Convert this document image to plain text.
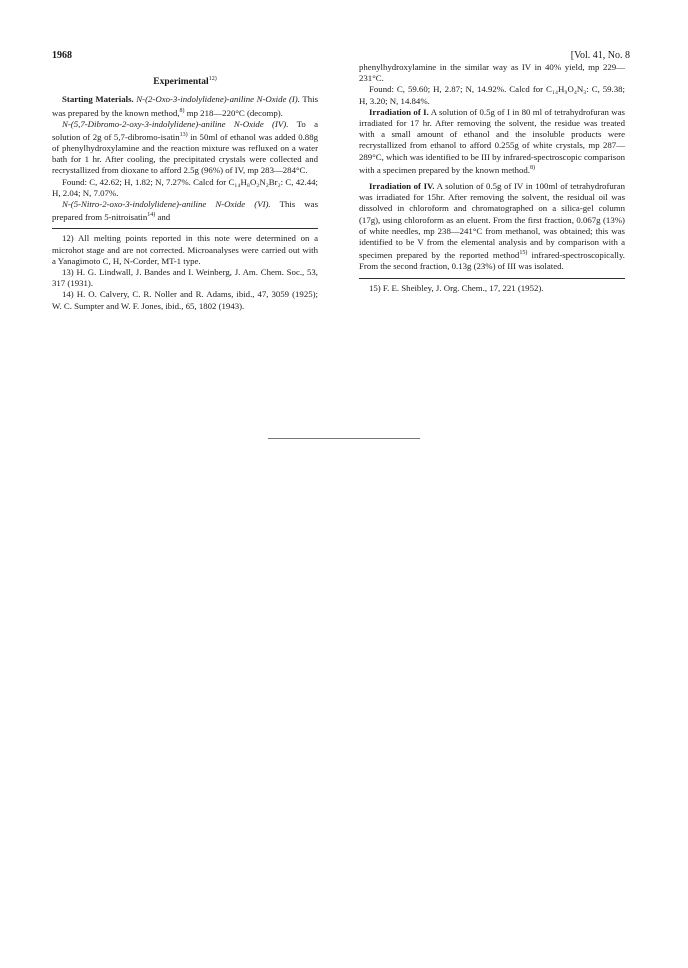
1968	[Vol. 41, No. 8
Experimental$^{12)}$

Starting Materials. N-(2-Oxo-3-indolylidene)-aniline N-Oxide (I). This was prepared by the known method,$^{8)}$ mp 218—220°C (decomp).

N-(5,7-Dibromo-2-oxy-3-indolylidene)-aniline N-Oxide (IV). To a solution of 2g of 5,7-dibromo-isatin$^{13)}$ in 50ml of ethanol was added 0.88g of phenylhydroxylamine and the reaction mixture was refluxed on a water bath for 1 hr. After cooling, the precipitated crystals were collected and recrystallized from dioxane to afford 2.5g (96%) of IV, mp 283—284°C.

Found: C, 42.62; H, 1.82; N, 7.27%. Calcd for C₁₄H₈O₂N₂Br₂: C, 42.44; H, 2.04; N, 7.07%.

N-(5-Nitro-2-oxo-3-indolylidene)-aniline N-Oxide (VI). This was prepared from 5-nitroisatin$^{14)}$ and

12) All melting points reported in this note were determined on a microhot stage and are not corrected. Microanalyses were carried out with a Yanagimoto C, H, N-Corder, MT-1 type.

13) H. G. Lindwall, J. Bandes and I. Weinberg, J. Am. Chem. Soc., 53, 317 (1931).

14) H. O. Calvery, C. R. Noller and R. Adams, ibid., 47, 3059 (1925); W. C. Sumpter and W. F. Jones, ibid., 65, 1802 (1943).

phenylhydroxylamine in the similar way as IV in 40% yield, mp 229—231°C.

Found: C, 59.60; H, 2.87; N, 14.92%. Calcd for C₁₄H₉O₄N₃: C, 59.38; H, 3.20; N, 14.84%.

Irradiation of I. A solution of 0.5g of I in 80 ml of tetrahydrofuran was irradiated for 17 hr. After removing the solvent, the residue was treated with a small amount of ethanol and the insoluble products were recrystallized from ethanol to afford 0.255g of white crystals, mp 287—289°C, which was identified to be III by infrared-spectroscopic comparison with a specimen prepared by the known method.$^{8)}$

Irradiation of IV. A solution of 0.5g of IV in 100ml of tetrahydrofuran was irradiated for 15hr. After removing the solvent, the residual oil was dissolved in chloroform and chromatographed on a silica-gel column (17g), using chloroform as an eluent. From the first fraction, 0.067g (13%) of white needles, mp 238—241°C from methanol, was obtained; this was identified to be V from the elemental analysis and by comparison with a specimen prepared by the reported method$^{15)}$ infrared-spectroscopically. From the second fraction, 0.13g (23%) of III was isolated.

15) F. E. Sheibley, J. Org. Chem., 17, 221 (1952).
